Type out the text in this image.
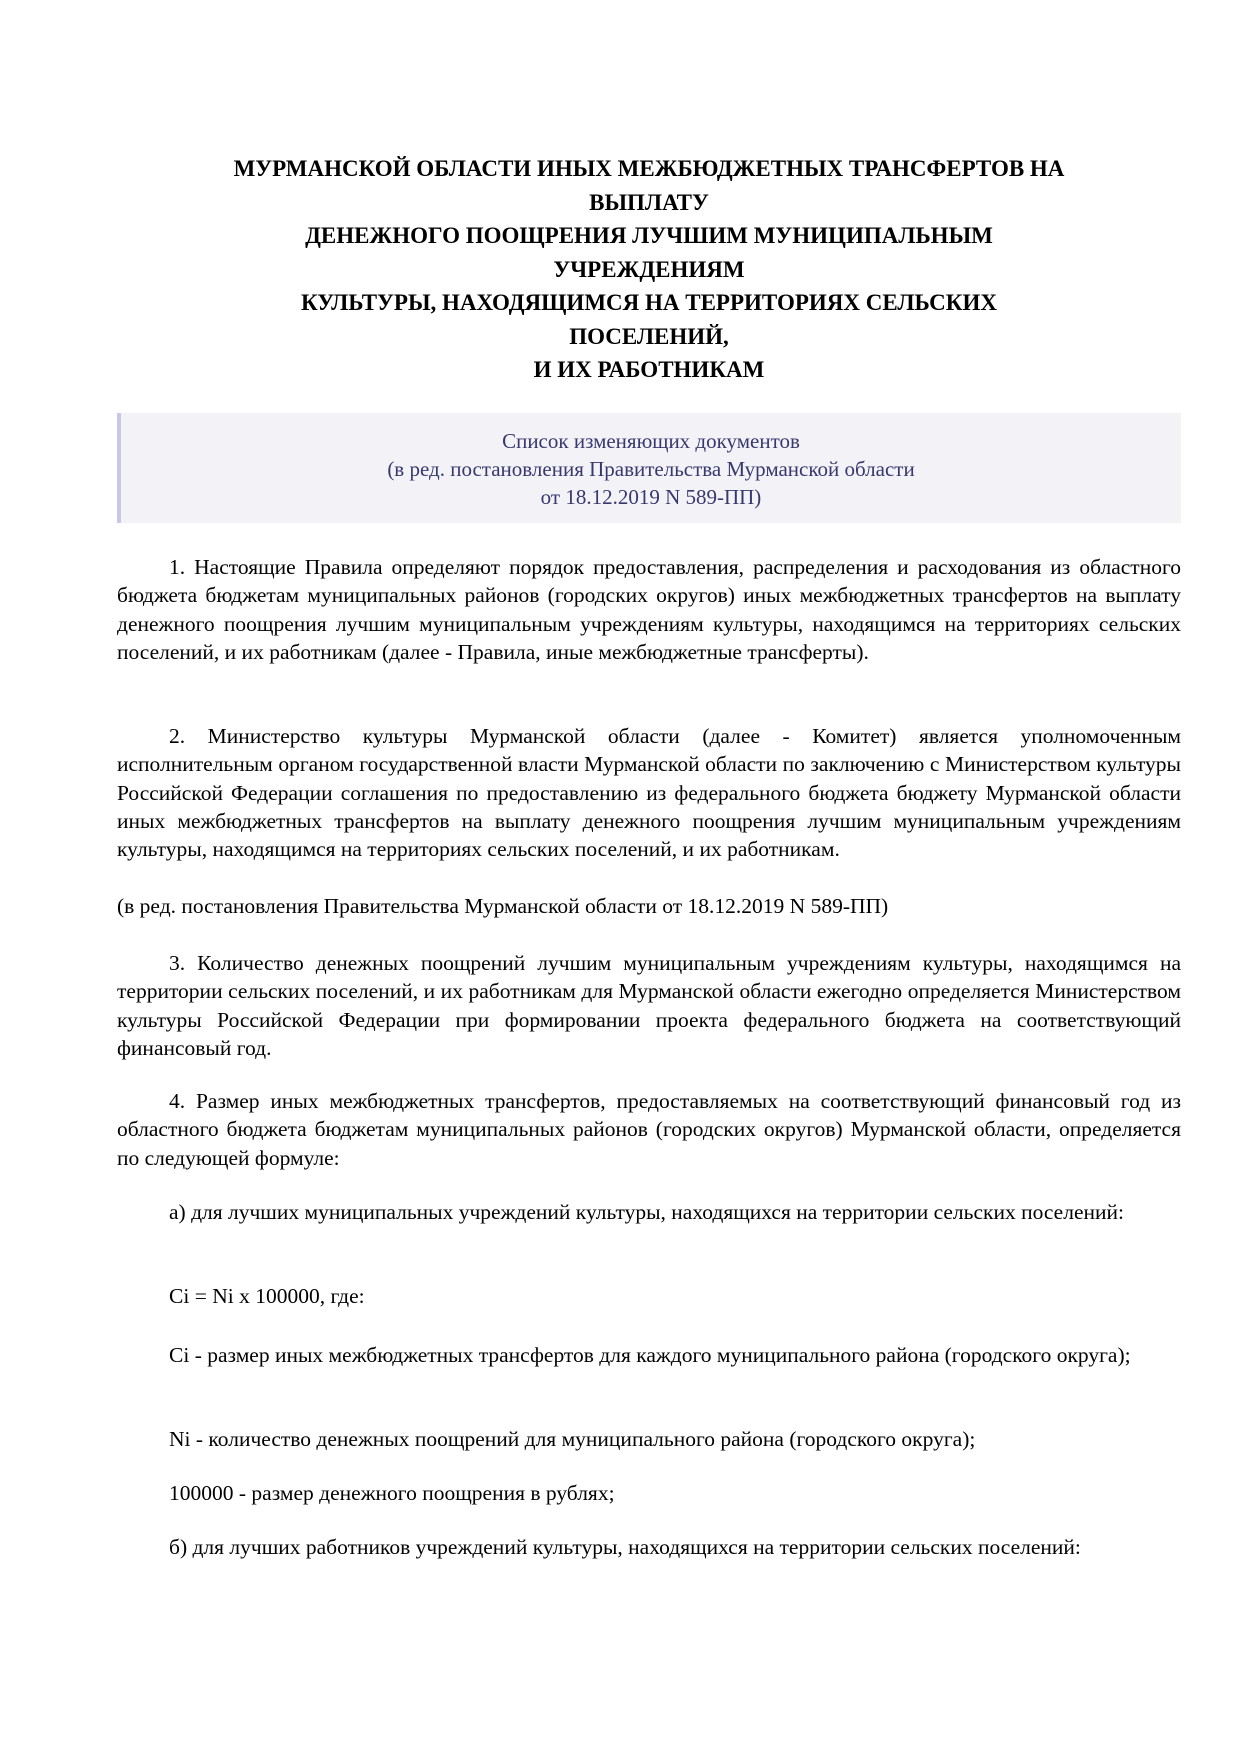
МУРМАНСКОЙ ОБЛАСТИ ИНЫХ МЕЖБЮДЖЕТНЫХ ТРАНСФЕРТОВ НА
ВЫПЛАТУ
ДЕНЕЖНОГО ПООЩРЕНИЯ ЛУЧШИМ МУНИЦИПАЛЬНЫМ
УЧРЕЖДЕНИЯМ
КУЛЬТУРЫ, НАХОДЯЩИМСЯ НА ТЕРРИТОРИЯХ СЕЛЬСКИХ
ПОСЕЛЕНИЙ,
И ИХ РАБОТНИКАМ
Список изменяющих документов
(в ред. постановления Правительства Мурманской области
от 18.12.2019 N 589-ПП)
1. Настоящие Правила определяют порядок предоставления, распределения и расходования из областного бюджета бюджетам муниципальных районов (городских округов) иных межбюджетных трансфертов на выплату денежного поощрения лучшим муниципальным учреждениям культуры, находящимся на территориях сельских поселений, и их работникам (далее - Правила, иные межбюджетные трансферты).
2. Министерство культуры Мурманской области (далее - Комитет) является уполномоченным исполнительным органом государственной власти Мурманской области по заключению с Министерством культуры Российской Федерации соглашения по предоставлению из федерального бюджета бюджету Мурманской области иных межбюджетных трансфертов на выплату денежного поощрения лучшим муниципальным учреждениям культуры, находящимся на территориях сельских поселений, и их работникам.
(в ред. постановления Правительства Мурманской области от 18.12.2019 N 589-ПП)
3. Количество денежных поощрений лучшим муниципальным учреждениям культуры, находящимся на территории сельских поселений, и их работникам для Мурманской области ежегодно определяется Министерством культуры Российской Федерации при формировании проекта федерального бюджета на соответствующий финансовый год.
4. Размер иных межбюджетных трансфертов, предоставляемых на соответствующий финансовый год из областного бюджета бюджетам муниципальных районов (городских округов) Мурманской области, определяется по следующей формуле:
а) для лучших муниципальных учреждений культуры, находящихся на территории сельских поселений:
Ci = Ni x 100000, где:
Ci - размер иных межбюджетных трансфертов для каждого муниципального района (городского округа);
Ni - количество денежных поощрений для муниципального района (городского округа);
100000 - размер денежного поощрения в рублях;
б) для лучших работников учреждений культуры, находящихся на территории сельских поселений:
